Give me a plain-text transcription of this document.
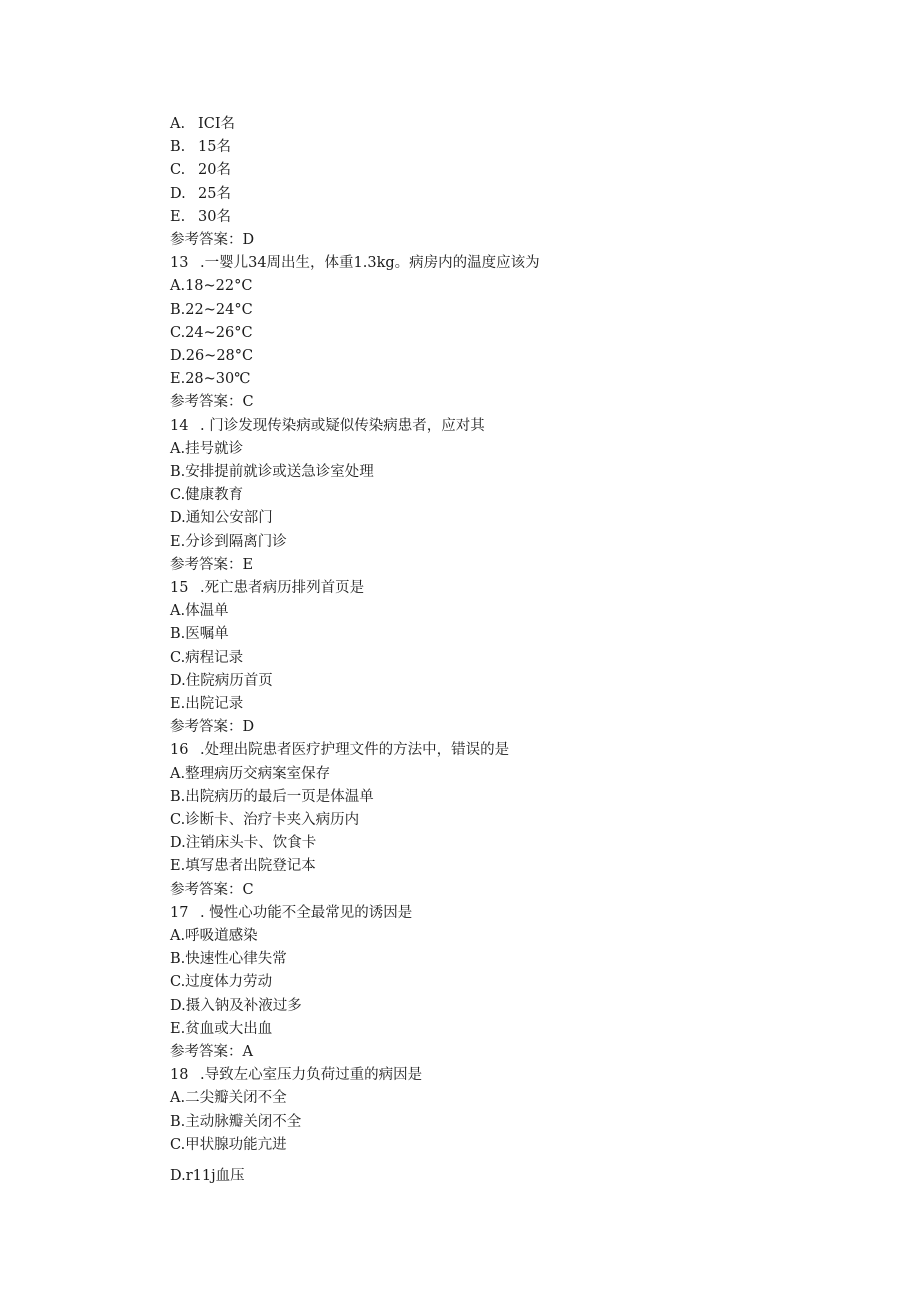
A. ICI名
B. 15名
C. 20名
D. 25名
E. 30名
参考答案：D
13 .一婴儿34周出生，体重1.3kg。病房内的温度应该为
A.18~22°C
B.22~24°C
C.24~26°C
D.26~28°C
E.28~30℃
参考答案：C
14 . 门诊发现传染病或疑似传染病患者，应对其
A.挂号就诊
B.安排提前就诊或送急诊室处理
C.健康教育
D.通知公安部门
E.分诊到隔离门诊
参考答案：E
15 .死亡患者病历排列首页是
A.体温单
B.医嘱单
C.病程记录
D.住院病历首页
E.出院记录
参考答案：D
16 .处理出院患者医疗护理文件的方法中，错误的是
A.整理病历交病案室保存
B.出院病历的最后一页是体温单
C.诊断卡、治疗卡夹入病历内
D.注销床头卡、饮食卡
E.填写患者出院登记本
参考答案：C
17 . 慢性心功能不全最常见的诱因是
A.呼吸道感染
B.快速性心律失常
C.过度体力劳动
D.摄入钠及补液过多
E.贫血或大出血
参考答案：A
18 .导致左心室压力负荷过重的病因是
A.二尖瓣关闭不全
B.主动脉瓣关闭不全
C.甲状腺功能亢进
D.r11j血压
